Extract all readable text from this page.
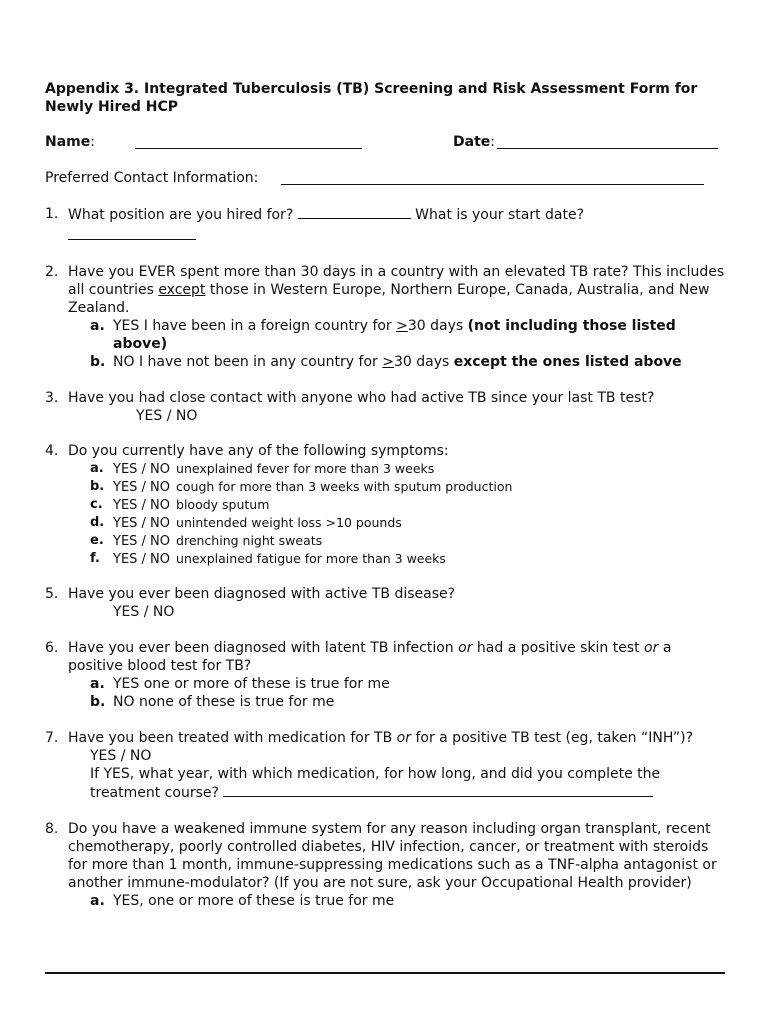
Appendix 3. Integrated Tuberculosis (TB) Screening and Risk Assessment Form for Newly Hired HCP

Name:	Date:
Preferred Contact Information:
1. What position are you hired for?	What is your start date?

2. Have you EVER spent more than 30 days in a country with an elevated TB rate? This includes all countries except those in Western Europe, Northern Europe, Canada, Australia, and New Zealand.
a. YES I have been in a foreign country for >30 days (not including those listed above)
b. NO I have not been in any country for >30 days except the ones listed above
3. Have you had close contact with anyone who had active TB since your last TB test?
YES / NO
4. Do you currently have any of the following symptoms:
a. YES / NO unexplained fever for more than 3 weeks
b. YES / NO cough for more than 3 weeks with sputum production
c. YES / NO bloody sputum
d. YES / NO unintended weight loss >10 pounds
e. YES / NO drenching night sweats
f. YES / NO unexplained fatigue for more than 3 weeks
5. Have you ever been diagnosed with active TB disease?
YES / NO
6. Have you ever been diagnosed with latent TB infection or had a positive skin test or a positive blood test for TB?
a. YES one or more of these is true for me
b. NO none of these is true for me
7. Have you been treated with medication for TB or for a positive TB test (eg, taken “INH”)?
YES / NO
If YES, what year, with which medication, for how long, and did you complete the treatment course?
8. Do you have a weakened immune system for any reason including organ transplant, recent chemotherapy, poorly controlled diabetes, HIV infection, cancer, or treatment with steroids for more than 1 month, immune-suppressing medications such as a TNF-alpha antagonist or another immune-modulator? (If you are not sure, ask your Occupational Health provider)
a. YES, one or more of these is true for me
